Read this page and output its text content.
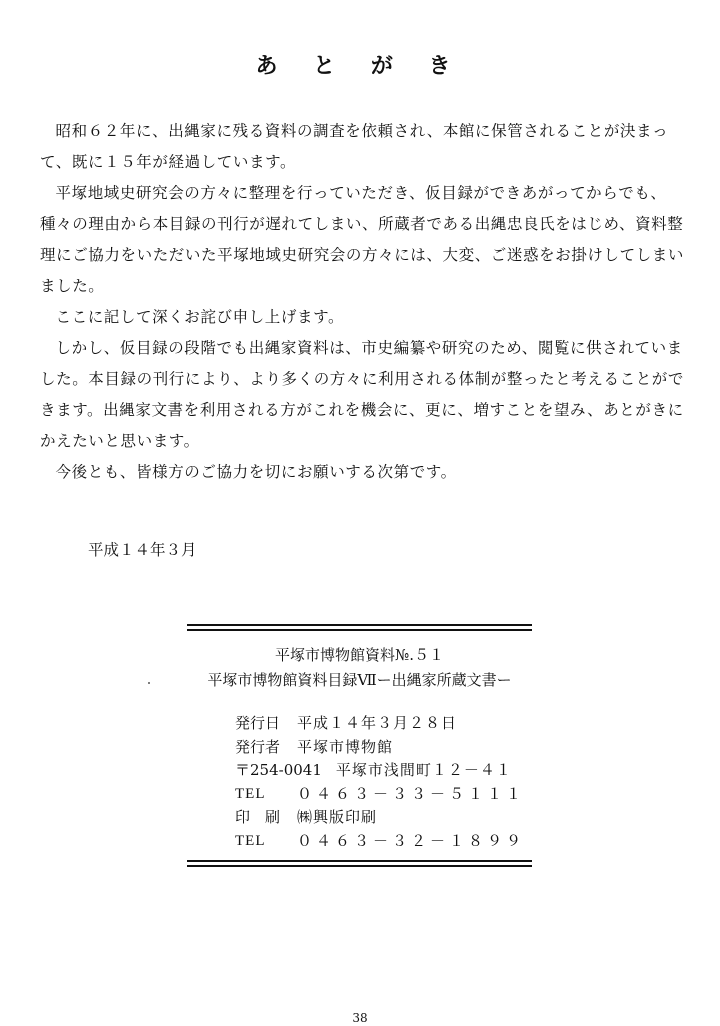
あ と が き

昭和６２年に、出縄家に残る資料の調査を依頼され、本館に保管されることが決まって、既に１５年が経過しています。

平塚地域史研究会の方々に整理を行っていただき、仮目録ができあがってからでも、種々の理由から本目録の刊行が遅れてしまい、所蔵者である出縄忠良氏をはじめ、資料整理にご協力をいただいた平塚地域史研究会の方々には、大変、ご迷惑をお掛けしてしまいました。

ここに記して深くお詫び申し上げます。

しかし、仮目録の段階でも出縄家資料は、市史編纂や研究のため、閲覧に供されていました。本目録の刊行により、より多くの方々に利用される体制が整ったと考えることができます。出縄家文書を利用される方がこれを機会に、更に、増すことを望み、あとがきにかえたいと思います。

今後とも、皆様方のご協力を切にお願いする次第です。

平成１４年３月
平塚市博物館資料№.５１
平塚市博物館資料目録Ⅶー出縄家所蔵文書ー
発行日	平成１４年３月２８日
発行者	平塚市博物館
〒254-0041 平塚市浅間町１２－４１
TEL	０４６３－３３－５１１１
印　刷	㈱興版印刷
TEL	０４６３－３２－１８９９
38
